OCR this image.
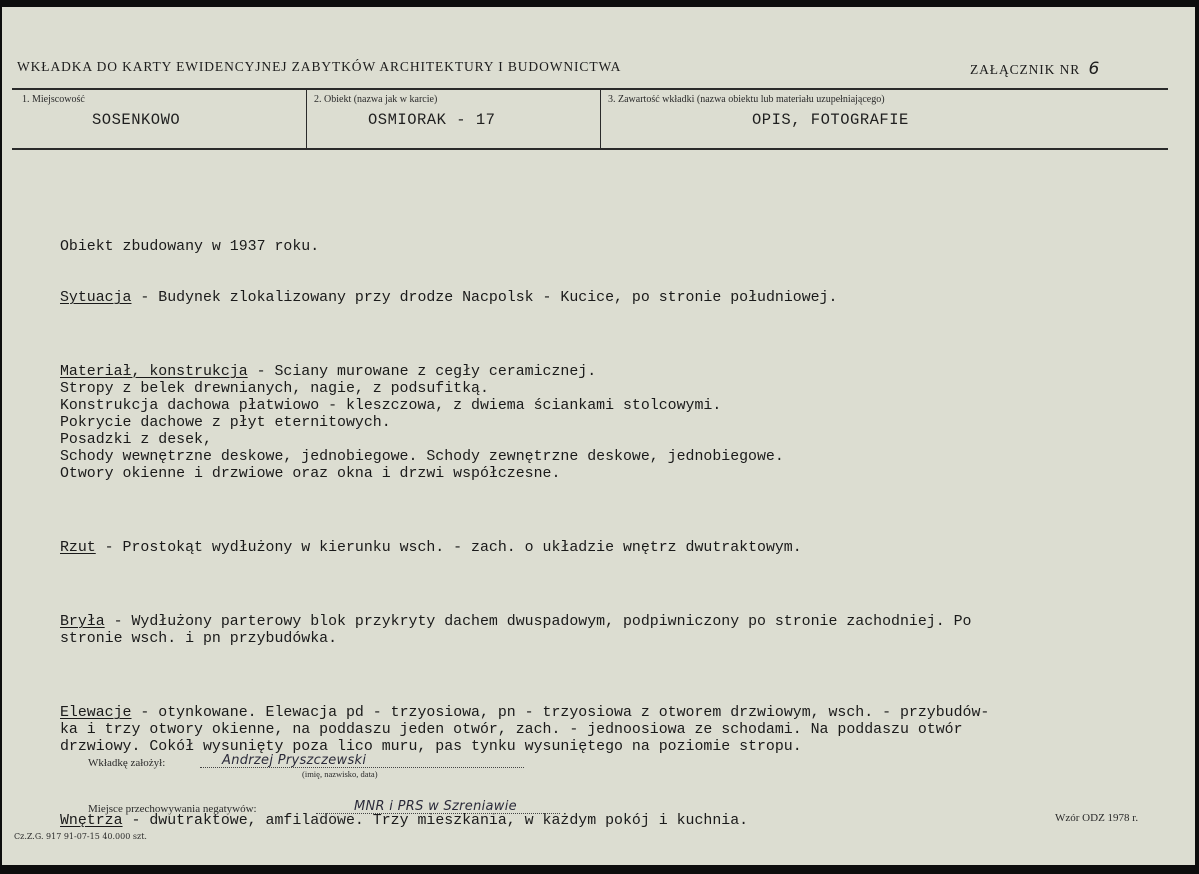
WKŁADKA DO KARTY EWIDENCYJNEJ ZABYTKÓW ARCHITEKTURY I BUDOWNICTWA	ZAŁĄCZNIK NR 6
1. Miejscowość
SOSENKOWO
2. Obiekt (nazwa jak w karcie)
OSMIORAK - 17
3. Zawartość wkładki (nazwa obiektu lub materiału uzupełniającego)
OPIS, FOTOGRAFIE

Obiekt zbudowany w 1937 roku.

Sytuacja - Budynek zlokalizowany przy drodze Nacpolsk - Kucice, po stronie południowej.

Materiał, konstrukcja - Sciany murowane z cegły ceramicznej.
Stropy z belek drewnianych, nagie, z podsufitką.
Konstrukcja dachowa płatwiowo - kleszczowa, z dwiema ściankami stolcowymi.
Pokrycie dachowe z płyt eternitowych.
Posadzki z desek,
Schody wewnętrzne deskowe, jednobiegowe. Schody zewnętrzne deskowe, jednobiegowe.
Otwory okienne i drzwiowe oraz okna i drzwi współczesne.

Rzut - Prostokąt wydłużony w kierunku wsch. - zach. o układzie wnętrz dwutraktowym.

Bryła - Wydłużony parterowy blok przykryty dachem dwuspadowym, podpiwniczony po stronie zachodniej. Po
stronie wsch. i pn przybudówka.

Elewacje - otynkowane. Elewacja pd - trzyosiowa, pn - trzyosiowa z otworem drzwiowym, wsch. - przybudów-
ka i trzy otwory okienne, na poddaszu jeden otwór, zach. - jednoosiowa ze schodami. Na poddaszu otwór
drzwiowy. Cokół wysunięty poza lico muru, pas tynku wysuniętego na poziomie stropu.

Wnętrza - dwutraktowe, amfiladowe. Trzy mieszkania, w każdym pokój i kuchnia.

Wkładkę założył:	Andrzej Pryszczewski
(imię, nazwisko, data)
Miejsce przechowywania negatywów:	MNR i PRS w Szreniawie
Wzór ODZ 1978 r.
Cz.Z.G. 917 91-07-15 40.000 szt.
